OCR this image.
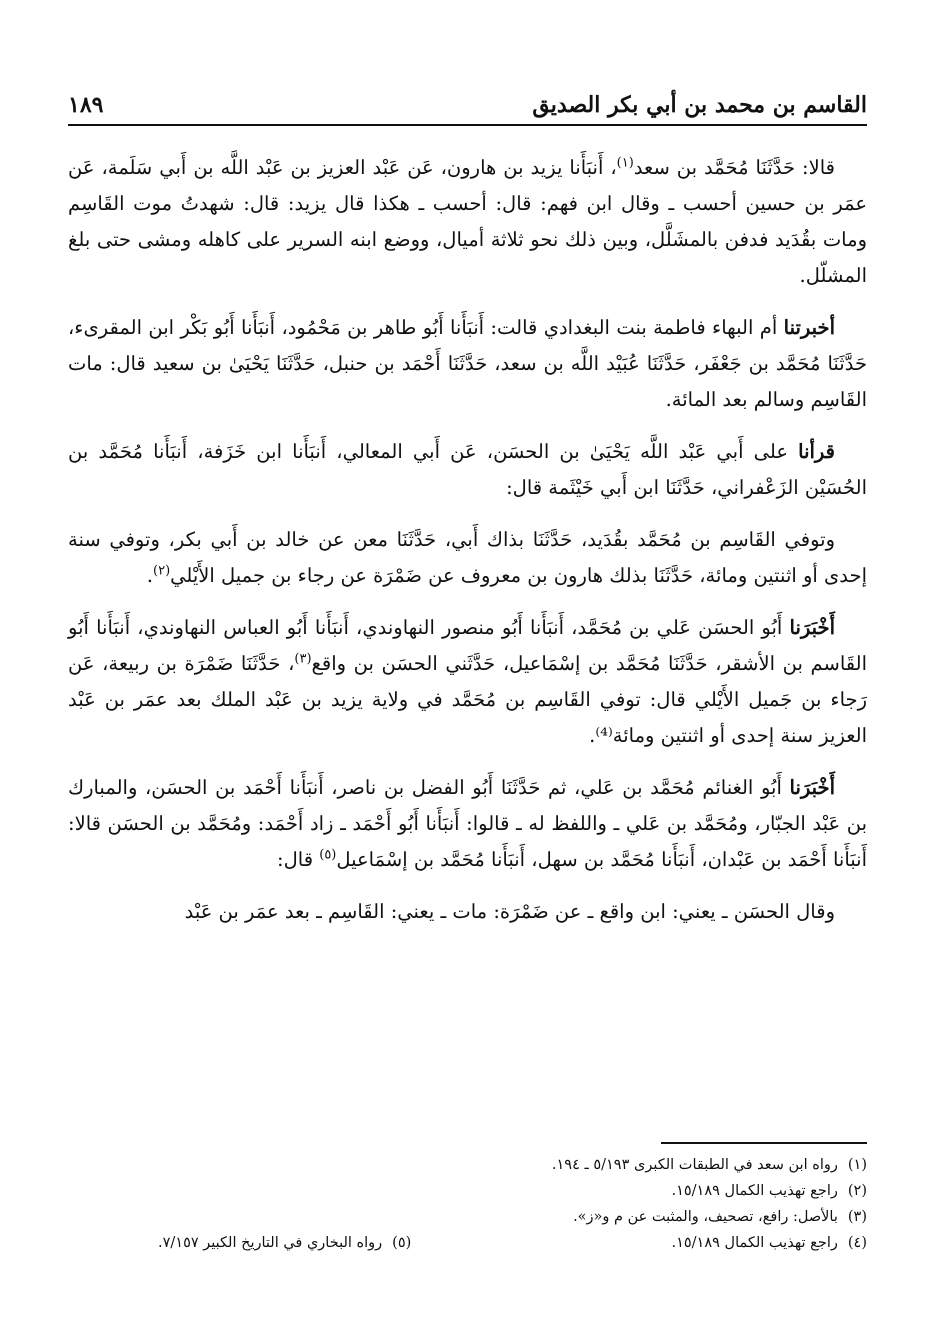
١٨٩	القاسم بن محمد بن أبي بكر الصديق

قالا: حَدَّثَنَا مُحَمَّد بن سعد$^{(١)}$، أَنبَأَنا يزيد بن هارون، عَن عَبْد العزيز بن عَبْد اللَّه بن أَبي سَلَمة، عَن عمَر بن حسين أحسب ـ وقال ابن فهم: قال: أحسب ـ هكذا قال يزيد: قال: شهدتُ موت القَاسِم ومات بقُدَيد فدفن بالمشَلَّل، وبين ذلك نحو ثلاثة أميال، ووضع ابنه السرير على كاهله ومشى حتى بلغ المشلّل.

أخبرتنا أم البهاء فاطمة بنت البغدادي قالت: أَنبَأَنا أَبُو طاهر بن مَحْمُود، أَنبَأَنا أَبُو بَكْر ابن المقرىء، حَدَّثَنَا مُحَمَّد بن جَعْفَر، حَدَّثَنَا عُبَيْد اللَّه بن سعد، حَدَّثَنَا أَحْمَد بن حنبل، حَدَّثَنَا يَحْيَىٰ بن سعيد قال: مات القَاسِم وسالم بعد المائة.

قرأنا على أَبي عَبْد اللَّه يَحْيَىٰ بن الحسَن، عَن أَبي المعالي، أَنبَأَنا ابن خَزَفة، أَنبَأَنا مُحَمَّد بن الحُسَيْن الزَعْفراني، حَدَّثَنَا ابن أَبي خَيْثَمة قال:

وتوفي القَاسِم بن مُحَمَّد بقُدَيد، حَدَّثَنَا بذاك أَبي، حَدَّثَنَا معن عن خالد بن أَبي بكر، وتوفي سنة إحدى أو اثنتين ومائة، حَدَّثَنَا بذلك هارون بن معروف عن ضَمْرَة عن رجاء بن جميل الأَيْلي$^{(٢)}$.

أَخْبَرَنا أَبُو الحسَن عَلي بن مُحَمَّد، أَنبَأَنا أَبُو منصور النهاوندي، أَنبَأَنا أَبُو العباس النهاوندي، أَنبَأَنا أَبُو القَاسم بن الأشقر، حَدَّثَنَا مُحَمَّد بن إسْمَاعيل، حَدَّثَني الحسَن بن واقع$^{(٣)}$، حَدَّثَنَا ضَمْرَة بن ربيعة، عَن رَجاء بن جَميل الأَيْلي قال: توفي القَاسِم بن مُحَمَّد في ولاية يزيد بن عَبْد الملك بعد عمَر بن عَبْد العزيز سنة إحدى أو اثنتين ومائة⁽⁴⁾.

أَخْبَرَنا أَبُو الغنائم مُحَمَّد بن عَلي، ثم حَدَّثَنَا أَبُو الفضل بن ناصر، أَنبَأَنا أَحْمَد بن الحسَن، والمبارك بن عَبْد الجبّار، ومُحَمَّد بن عَلي ـ واللفظ له ـ قالوا: أَنبَأَنا أَبُو أَحْمَد ـ زاد أَحْمَد: ومُحَمَّد بن الحسَن قالا: أَنبَأَنا أَحْمَد بن عَبْدان، أَنبَأَنا مُحَمَّد بن سهل، أَنبَأَنا مُحَمَّد بن إسْمَاعيل$^{(٥)}$ قال:

وقال الحسَن ـ يعني: ابن واقع ـ عن ضَمْرَة: مات ـ يعني: القَاسِم ـ بعد عمَر بن عَبْد

(١)رواه ابن سعد في الطبقات الكبرى ٥/١٩٣ ـ ١٩٤.
(٢)راجع تهذيب الكمال ١٥/١٨٩.
(٣)بالأصل: رافع، تصحيف، والمثبت عن م و«ز».
(٤)راجع تهذيب الكمال ١٥/١٨٩.
(٥)رواه البخاري في التاريخ الكبير ٧/١٥٧.
